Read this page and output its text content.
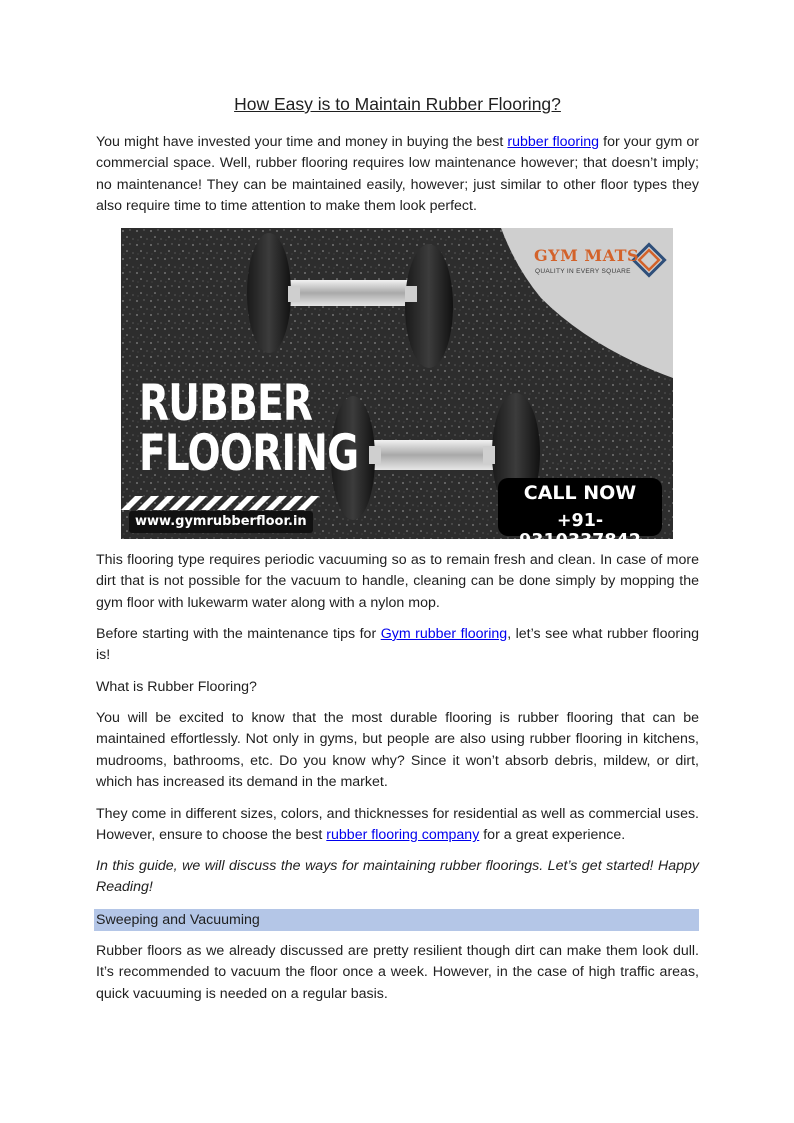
How Easy is to Maintain Rubber Flooring?

You might have invested your time and money in buying the best rubber flooring for your gym or commercial space. Well, rubber flooring requires low maintenance however; that doesn’t imply; no maintenance! They can be maintained easily, however; just similar to other floor types they also require time to time attention to make them look perfect.

This flooring type requires periodic vacuuming so as to remain fresh and clean. In case of more dirt that is not possible for the vacuum to handle, cleaning can be done simply by mopping the gym floor with lukewarm water along with a nylon mop.

Before starting with the maintenance tips for Gym rubber flooring, let’s see what rubber flooring is!

What is Rubber Flooring?

You will be excited to know that the most durable flooring is rubber flooring that can be maintained effortlessly. Not only in gyms, but people are also using rubber flooring in kitchens, mudrooms, bathrooms, etc. Do you know why? Since it won’t absorb debris, mildew, or dirt, which has increased its demand in the market.

They come in different sizes, colors, and thicknesses for residential as well as commercial uses. However, ensure to choose the best rubber flooring company for a great experience.

In this guide, we will discuss the ways for maintaining rubber floorings. Let’s get started! Happy Reading!

Sweeping and Vacuuming

Rubber floors as we already discussed are pretty resilient though dirt can make them look dull. It’s recommended to vacuum the floor once a week. However, in the case of high traffic areas, quick vacuuming is needed on a regular basis.

GYM MATS
QUALITY IN EVERY SQUARE
RUBBER
FLOORING
www.gymrubberfloor.in
CALL NOW
+91-9310337842
